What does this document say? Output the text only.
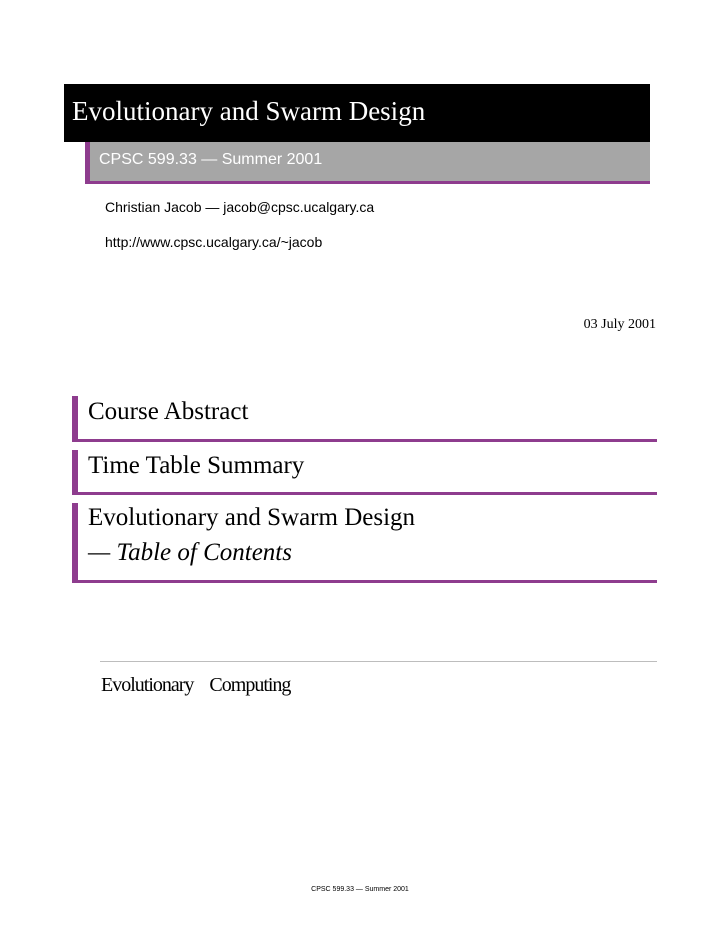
Evolutionary and Swarm Design
CPSC 599.33 — Summer 2001
Christian Jacob — jacob@cpsc.ucalgary.ca
http://www.cpsc.ucalgary.ca/~jacob
03 July 2001
Course Abstract
Time Table Summary
Evolutionary and Swarm Design
— Table of Contents
Evolutionary Computing
CPSC 599.33 — Summer 2001
